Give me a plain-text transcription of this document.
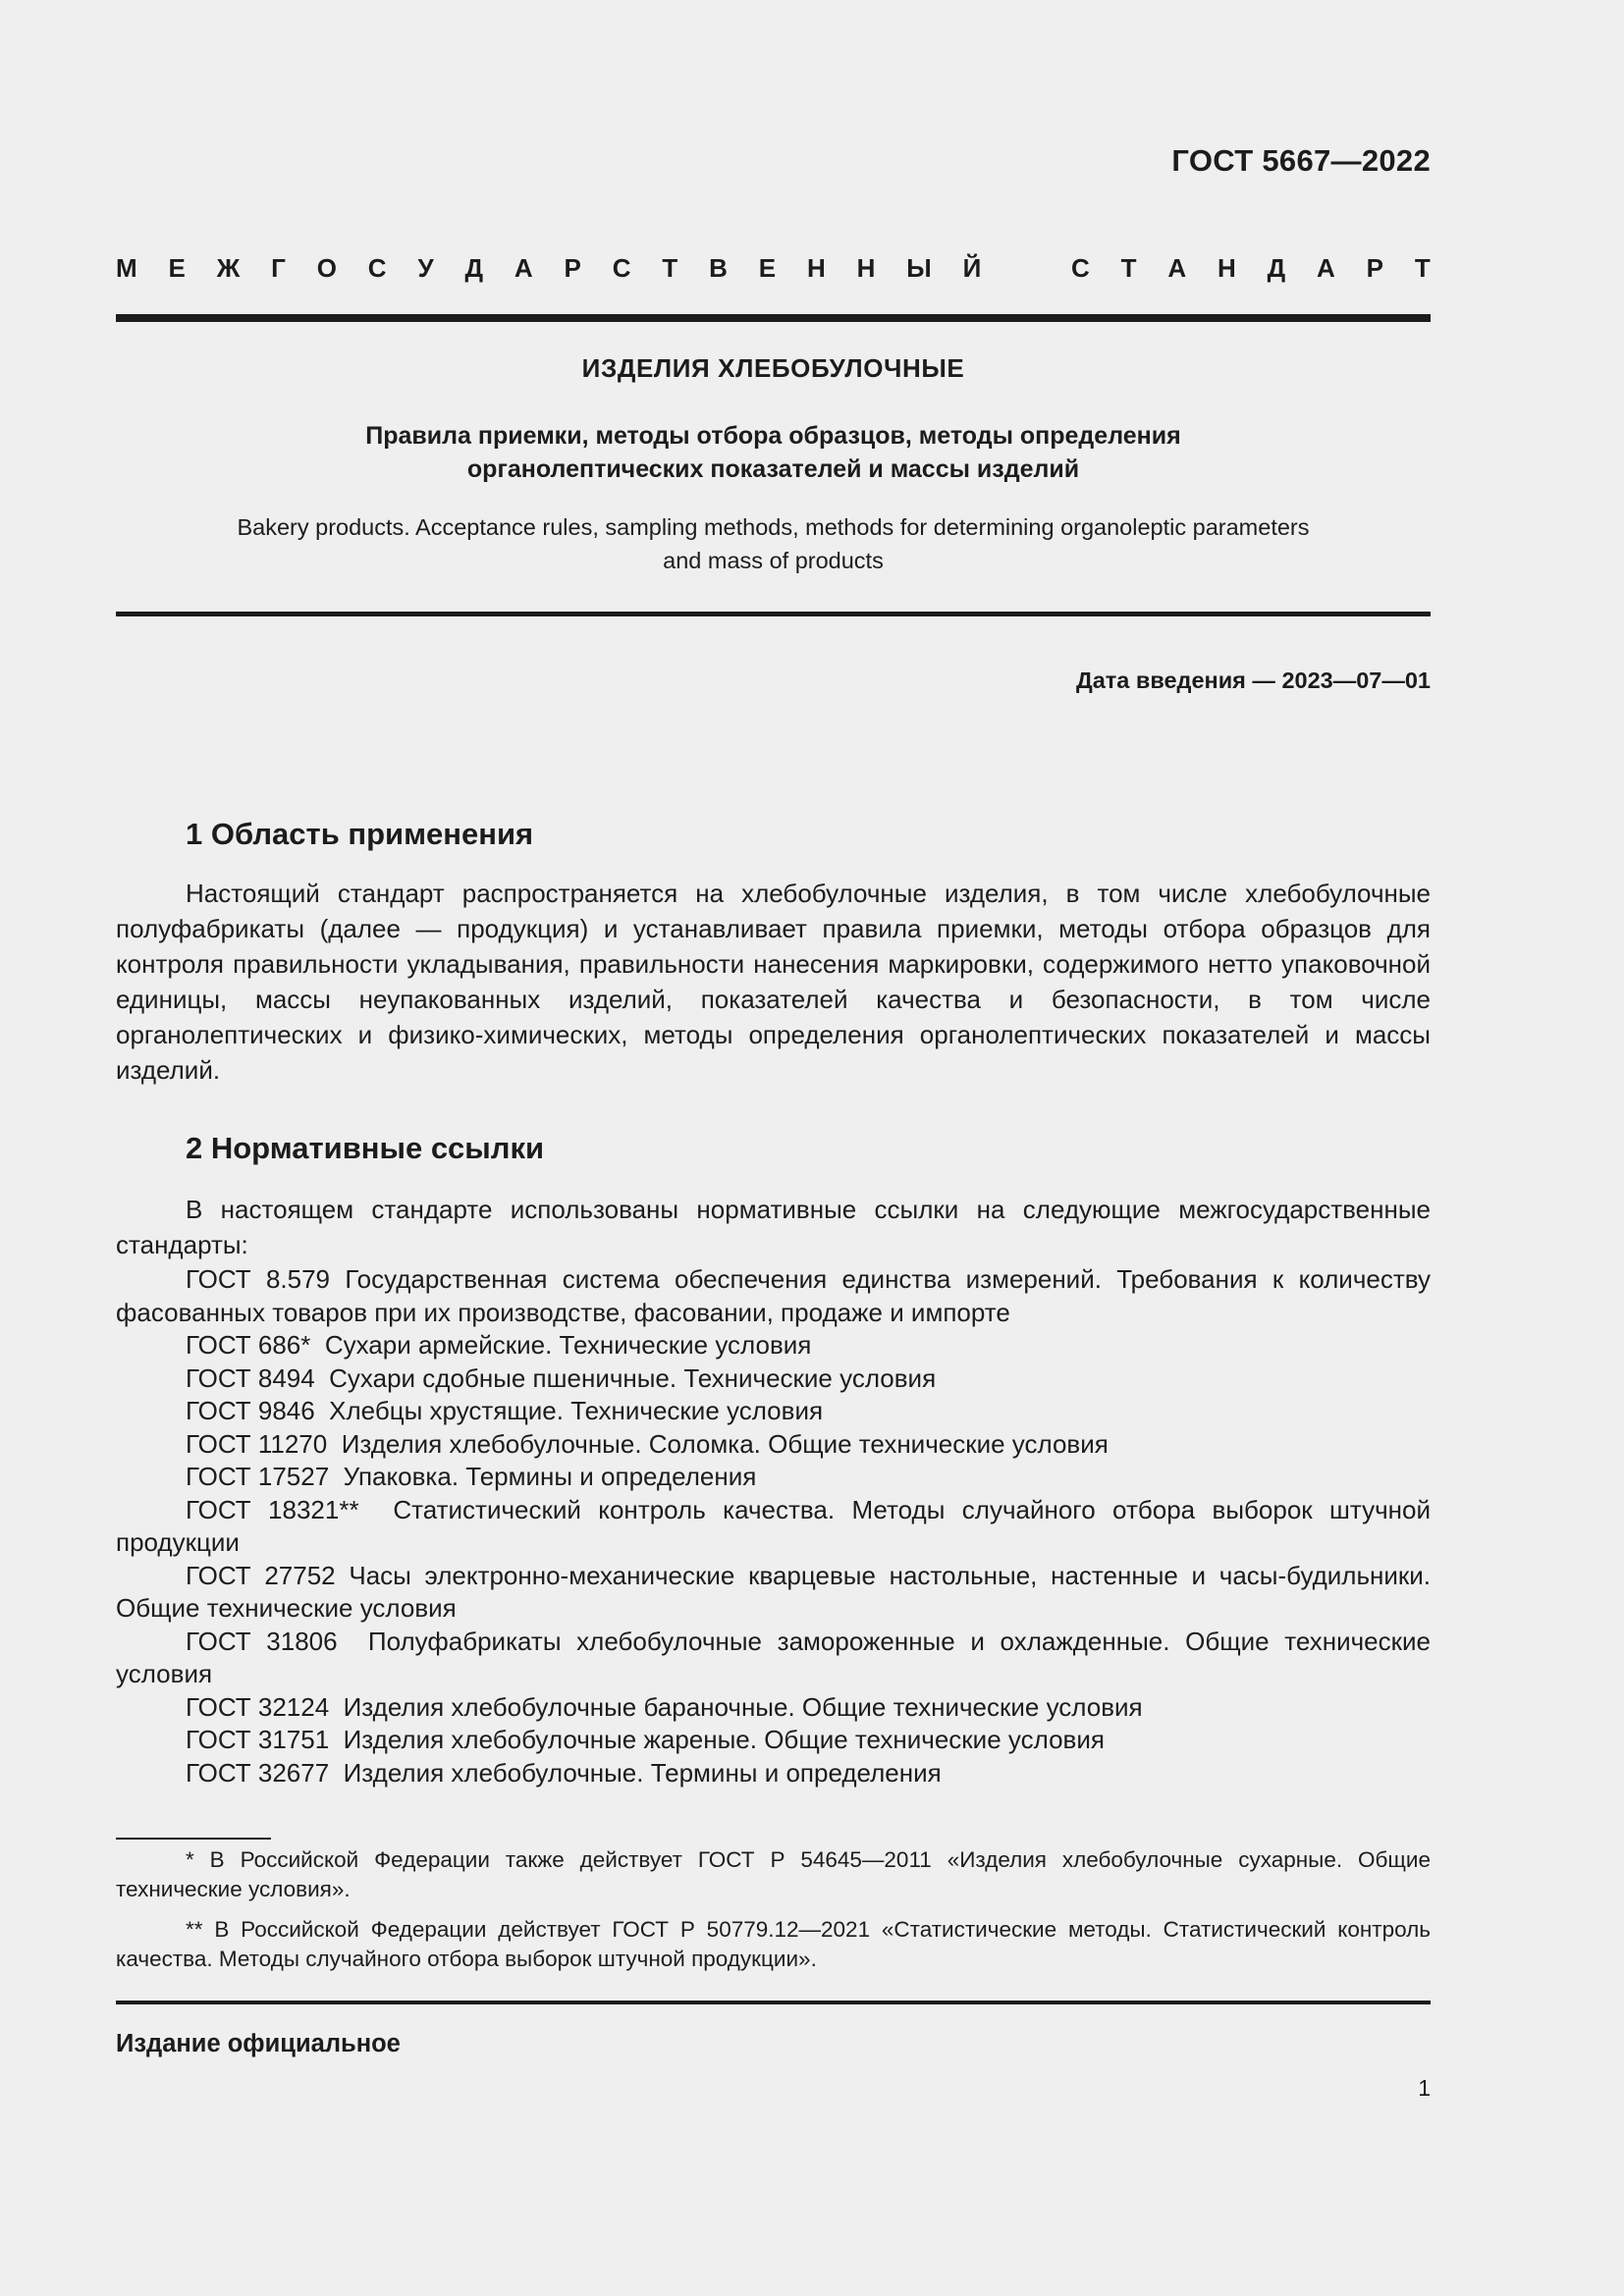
ГОСТ 5667—2022
М Е Ж Г О С У Д А Р С Т В Е Н Н Ы Й	С Т А Н Д А Р Т
ИЗДЕЛИЯ ХЛЕБОБУЛОЧНЫЕ
Правила приемки, методы отбора образцов, методы определения
органолептических показателей и массы изделий
Bakery products. Acceptance rules, sampling methods, methods for determining organoleptic parameters
and mass of products
Дата введения — 2023—07—01
1 Область применения
Настоящий стандарт распространяется на хлебобулочные изделия, в том числе хлебобулочные полуфабрикаты (далее — продукция) и устанавливает правила приемки, методы отбора образцов для контроля правильности укладывания, правильности нанесения маркировки, содержимого нетто упаковочной единицы, массы неупакованных изделий, показателей качества и безопасности, в том числе органолептических и физико-химических, методы определения органолептических показателей и массы изделий.
2 Нормативные ссылки
В настоящем стандарте использованы нормативные ссылки на следующие межгосударственные стандарты:
ГОСТ 8.579 Государственная система обеспечения единства измерений. Требования к количеству фасованных товаров при их производстве, фасовании, продаже и импорте
ГОСТ 686*  Сухари армейские. Технические условия
ГОСТ 8494  Сухари сдобные пшеничные. Технические условия
ГОСТ 9846  Хлебцы хрустящие. Технические условия
ГОСТ 11270  Изделия хлебобулочные. Соломка. Общие технические условия
ГОСТ 17527  Упаковка. Термины и определения
ГОСТ 18321**  Статистический контроль качества. Методы случайного отбора выборок штучной продукции
ГОСТ 27752 Часы электронно-механические кварцевые настольные, настенные и часы-будильники. Общие технические условия
ГОСТ 31806  Полуфабрикаты хлебобулочные замороженные и охлажденные. Общие технические условия
ГОСТ 32124  Изделия хлебобулочные бараночные. Общие технические условия
ГОСТ 31751  Изделия хлебобулочные жареные. Общие технические условия
ГОСТ 32677  Изделия хлебобулочные. Термины и определения
* В Российской Федерации также действует ГОСТ Р 54645—2011 «Изделия хлебобулочные сухарные. Общие технические условия».
** В Российской Федерации действует ГОСТ Р 50779.12—2021 «Статистические методы. Статистический контроль качества. Методы случайного отбора выборок штучной продукции».
Издание официальное
1
